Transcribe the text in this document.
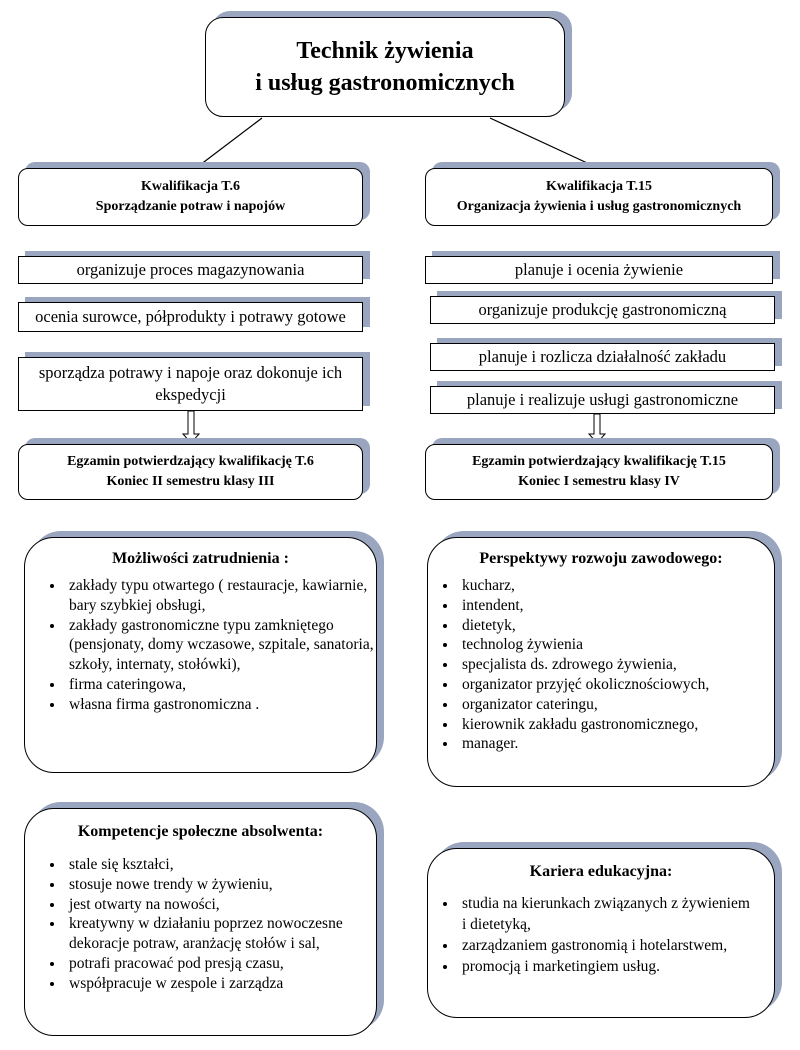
Technik żywienia
i usług gastronomicznych
Kwalifikacja T.6
Sporządzanie potraw i napojów
Kwalifikacja T.15
Organizacja żywienia i usług gastronomicznych
organizuje proces magazynowania
ocenia surowce, półprodukty i potrawy gotowe
sporządza potrawy i napoje oraz dokonuje ich ekspedycji
planuje i ocenia żywienie
organizuje produkcję gastronomiczną
planuje i rozlicza działalność zakładu
planuje i realizuje usługi gastronomiczne
Egzamin potwierdzający kwalifikację T.6
Koniec II semestru klasy III
Egzamin potwierdzający kwalifikację T.15
Koniec I semestru klasy IV
Możliwości zatrudnienia :
• zakłady typu otwartego ( restauracje, kawiarnie, bary szybkiej obsługi,
• zakłady gastronomiczne typu zamkniętego (pensjonaty, domy wczasowe, szpitale, sanatoria, szkoły, internaty, stołówki),
• firma cateringowa,
• własna firma gastronomiczna .
Perspektywy rozwoju zawodowego:
• kucharz,
• intendent,
• dietetyk,
• technolog żywienia
• specjalista ds. zdrowego żywienia,
• organizator przyjęć okolicznościowych,
• organizator cateringu,
• kierownik zakładu gastronomicznego,
• manager.
Kompetencje społeczne absolwenta:
• stale się kształci,
• stosuje nowe trendy w żywieniu,
• jest otwarty na nowości,
• kreatywny w działaniu poprzez nowoczesne dekoracje potraw, aranżację stołów i sal,
• potrafi pracować pod presją czasu,
• współpracuje w zespole i zarządza
Kariera edukacyjna:
• studia na kierunkach związanych z żywieniem
i dietetyką,
• zarządzaniem gastronomią i hotelarstwem,
• promocją i marketingiem usług.
